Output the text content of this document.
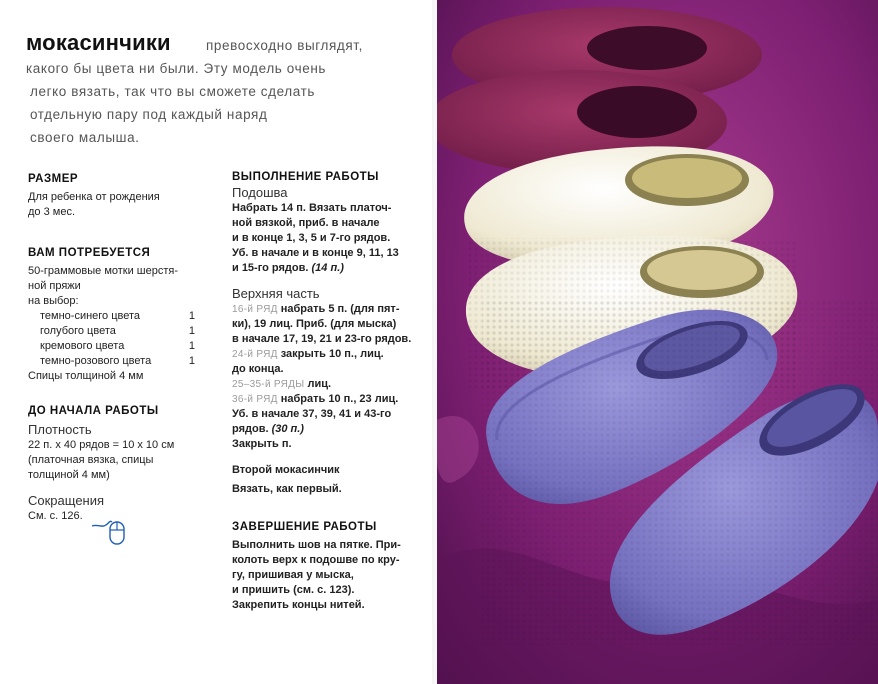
мокасинчики	превосходно выглядят,
какого бы цвета ни были. Эту модель очень
легко вязать, так что вы сможете сделать
отдельную пару под каждый наряд
своего малыша.
РАЗМЕР
Для ребенка от рождения
до 3 мес.
ВАМ ПОТРЕБУЕТСЯ
50-граммовые мотки шерстя-
ной пряжи
на выбор:
темно-синего цвета	1
голубого цвета	1
кремового цвета	1
темно-розового цвета	1
Спицы толщиной 4 мм
ДО НАЧАЛА РАБОТЫ
Плотность
22 п. х 40 рядов = 10 х 10 см
(платочная вязка, спицы
толщиной 4 мм)
Сокращения
См. с. 126.
ВЫПОЛНЕНИЕ РАБОТЫ
Подошва
Набрать 14 п. Вязать платоч-
ной вязкой, приб. в начале
и в конце 1, 3, 5 и 7-го рядов.
Уб. в начале и в конце 9, 11, 13
и 15-го рядов. (14 п.)
Верхняя часть
16-й РЯД набрать 5 п. (для пят-
ки), 19 лиц. Приб. (для мыска)
в начале 17, 19, 21 и 23-го рядов.
24-й РЯД закрыть 10 п., лиц.
до конца.
25–35-й РЯДЫ лиц.
36-й РЯД набрать 10 п., 23 лиц.
Уб. в начале 37, 39, 41 и 43-го
рядов. (30 п.)
Закрыть п.
Второй мокасинчик
Вязать, как первый.
ЗАВЕРШЕНИЕ РАБОТЫ
Выполнить шов на пятке. При-
колоть верх к подошве по кру-
гу, пришивая у мыска,
и пришить (см. с. 123).
Закрепить концы нитей.
